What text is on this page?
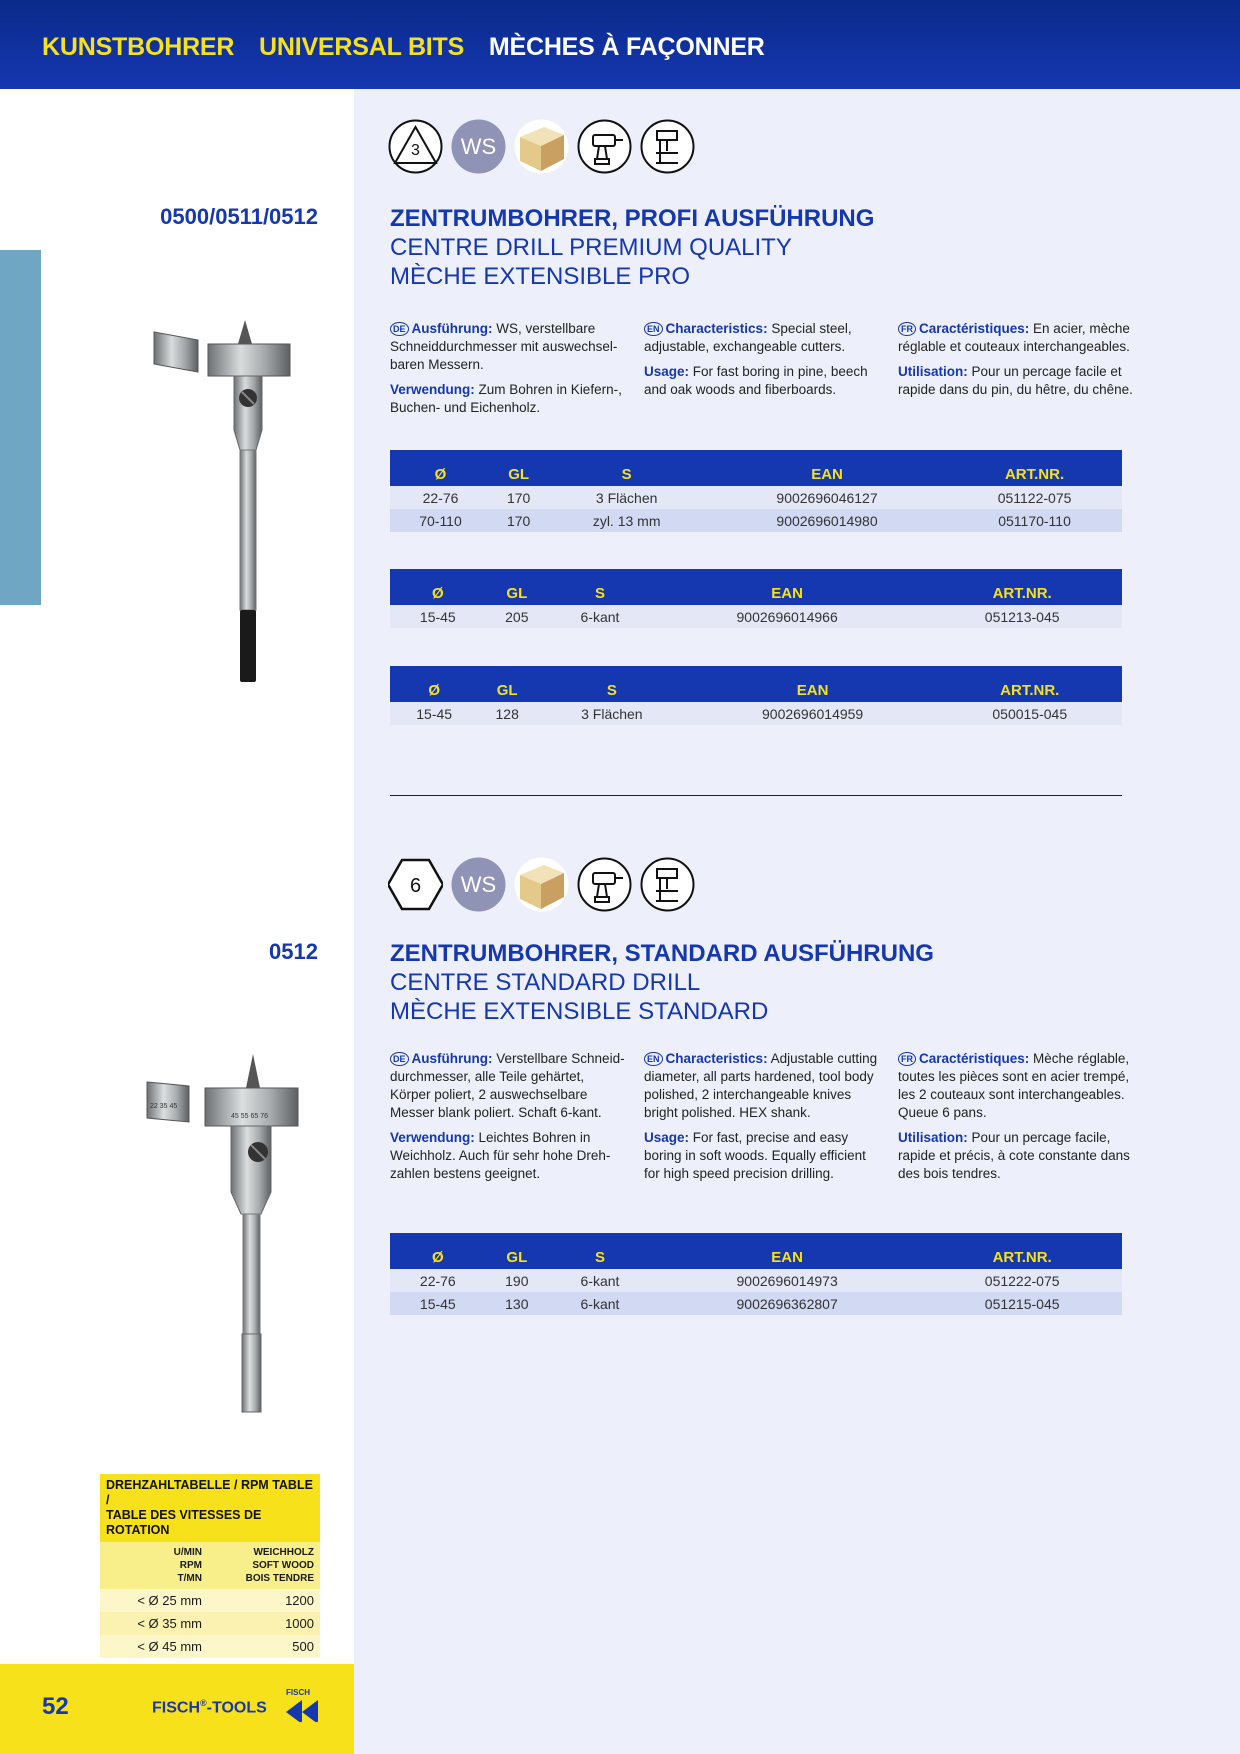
KUNSTBOHRER UNIVERSAL BITS MÈCHES À FAÇONNER
3 WS
0500/0511/0512	ZENTRUMBOHRER, PROFI AUSFÜHRUNG
CENTRE DRILL PREMIUM QUALITY
MÈCHE EXTENSIBLE PRO

DE Ausführung: WS, verstellbare Schneiddurchmesser mit auswechselbaren Messern.

Verwendung: Zum Bohren in Kiefern-, Buchen- und Eichenholz.

EN Characteristics: Special steel, adjustable, exchangeable cutters.

Usage: For fast boring in pine, beech and oak woods and fiberboards.

FR Caractéristiques: En acier, mèche réglable et couteaux interchangeables.

Utilisation: Pour un percage facile et rapide dans du pin, du hêtre, du chêne.

Ø	GL	S	EAN	ART.NR.
22-76	170	3 Flächen	9002696046127	051122-075
70-110	170	zyl. 13 mm	9002696014980	051170-110
Ø	GL	S	EAN	ART.NR.
15-45	205	6-kant	9002696014966	051213-045
Ø	GL	S	EAN	ART.NR.
15-45	128	3 Flächen	9002696014959	050015-045
6 WS
0512	ZENTRUMBOHRER, STANDARD AUSFÜHRUNG
CENTRE STANDARD DRILL
MÈCHE EXTENSIBLE STANDARD

DE Ausführung: Verstellbare Schneiddurchmesser, alle Teile gehärtet, Körper poliert, 2 auswechselbare Messer blank poliert. Schaft 6-kant.

Verwendung: Leichtes Bohren in Weichholz. Auch für sehr hohe Drehzahlen bestens geeignet.

EN Characteristics: Adjustable cutting diameter, all parts hardened, tool body polished, 2 interchangeable knives bright polished. HEX shank.

Usage: For fast, precise and easy boring in soft woods. Equally efficient for high speed precision drilling.

FR Caractéristiques: Mèche réglable, toutes les pièces sont en acier trempé, les 2 couteaux sont interchangeables. Queue 6 pans.

Utilisation: Pour un percage facile, rapide et précis, à cote constante dans des bois tendres.

Ø	GL	S	EAN	ART.NR.
22-76	190	6-kant	9002696014973	051222-075
15-45	130	6-kant	9002696362807	051215-045
22 35 45
45 55 65 76
DREHZAHLTABELLE / RPM TABLE /
TABLE DES VITESSES DE ROTATION
U/MIN
RPM
T/MN
WEICHHOLZ
SOFT WOOD
BOIS TENDRE
< Ø 25 mm	1200
< Ø 35 mm	1000
< Ø 45 mm	500
52	FISCH®-TOOLS
FISCH
